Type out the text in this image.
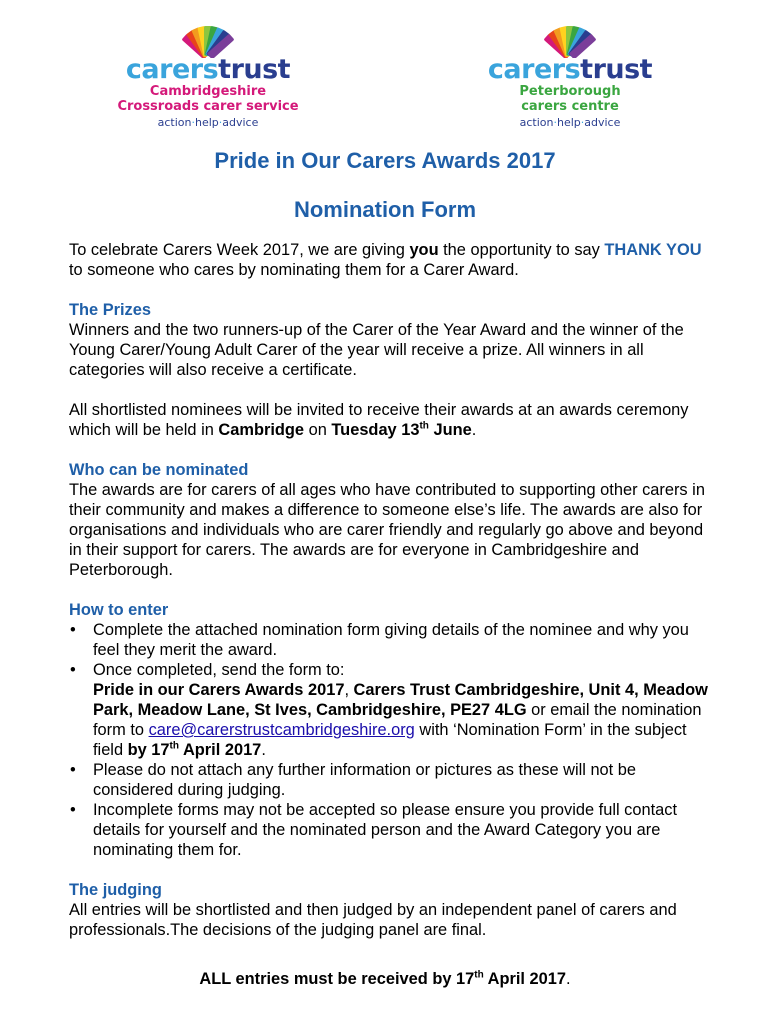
carerstrust
Cambridgeshire
Crossroads carer service
action·help·advice
carerstrust
Peterborough
carers centre
action·help·advice
Pride in Our Carers Awards 2017
Nomination Form

To celebrate Carers Week 2017, we are giving you the opportunity to say THANK YOU to someone who cares by nominating them for a Carer Award.

The Prizes

Winners and the two runners-up of the Carer of the Year Award and the winner of the Young Carer/Young Adult Carer of the year will receive a prize. All winners in all categories will also receive a certificate.

All shortlisted nominees will be invited to receive their awards at an awards ceremony which will be held in Cambridge on Tuesday 13th June.

Who can be nominated

The awards are for carers of all ages who have contributed to supporting other carers in their community and makes a difference to someone else’s life. The awards are also for organisations and individuals who are carer friendly and regularly go above and beyond in their support for carers. The awards are for everyone in Cambridgeshire and Peterborough.

How to enter

• Complete the attached nomination form giving details of the nominee and why you feel they merit the award.
• Once completed, send the form to:
Pride in our Carers Awards 2017, Carers Trust Cambridgeshire, Unit 4, Meadow Park, Meadow Lane, St Ives, Cambridgeshire, PE27 4LG or email the nomination form to care@carerstrustcambridgeshire.org with ‘Nomination Form’ in the subject field by 17th April 2017.
• Please do not attach any further information or pictures as these will not be considered during judging.
• Incomplete forms may not be accepted so please ensure you provide full contact details for yourself and the nominated person and the Award Category you are nominating them for.

The judging

All entries will be shortlisted and then judged by an independent panel of carers and professionals.The decisions of the judging panel are final.

ALL entries must be received by 17th April 2017.
